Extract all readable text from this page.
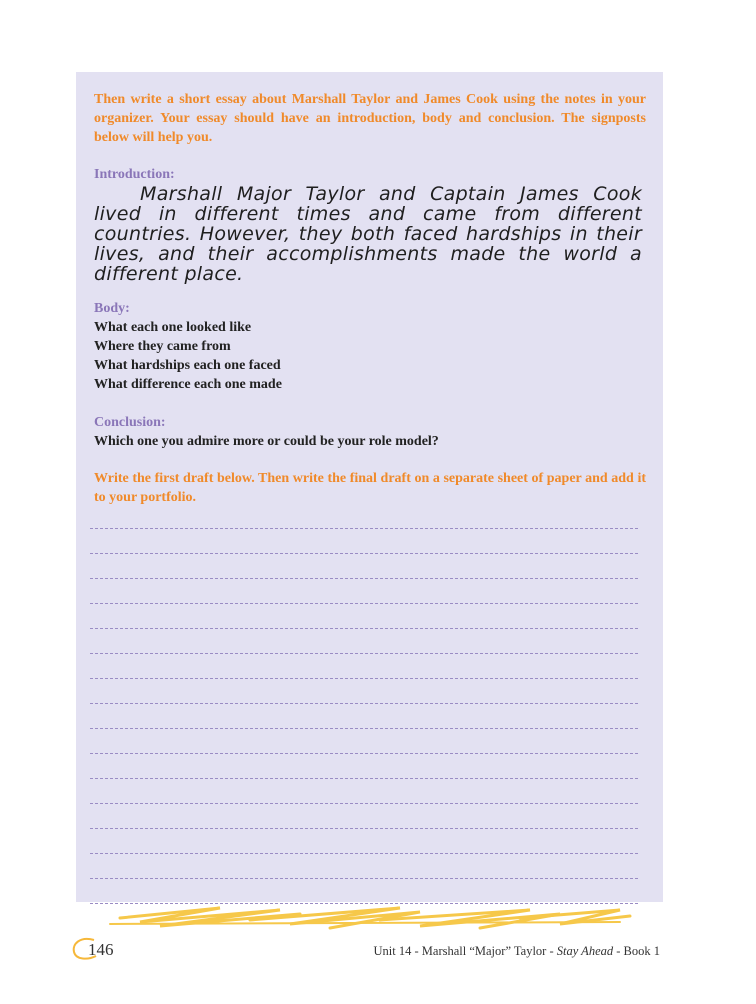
Then write a short essay about Marshall Taylor and James Cook using the notes in your organizer. Your essay should have an introduction, body and conclusion. The signposts below will help you.
Introduction:
Marshall Major Taylor and Captain James Cook lived in different times and came from different countries. However, they both faced hardships in their lives, and their accomplishments made the world a different place.
Body:
What each one looked like
Where they came from
What hardships each one faced
What difference each one made
Conclusion:
Which one you admire more or could be your role model?
Write the first draft below. Then write the final draft on a separate sheet of paper and add it to your portfolio.
146	Unit 14 - Marshall “Major” Taylor - Stay Ahead - Book 1
